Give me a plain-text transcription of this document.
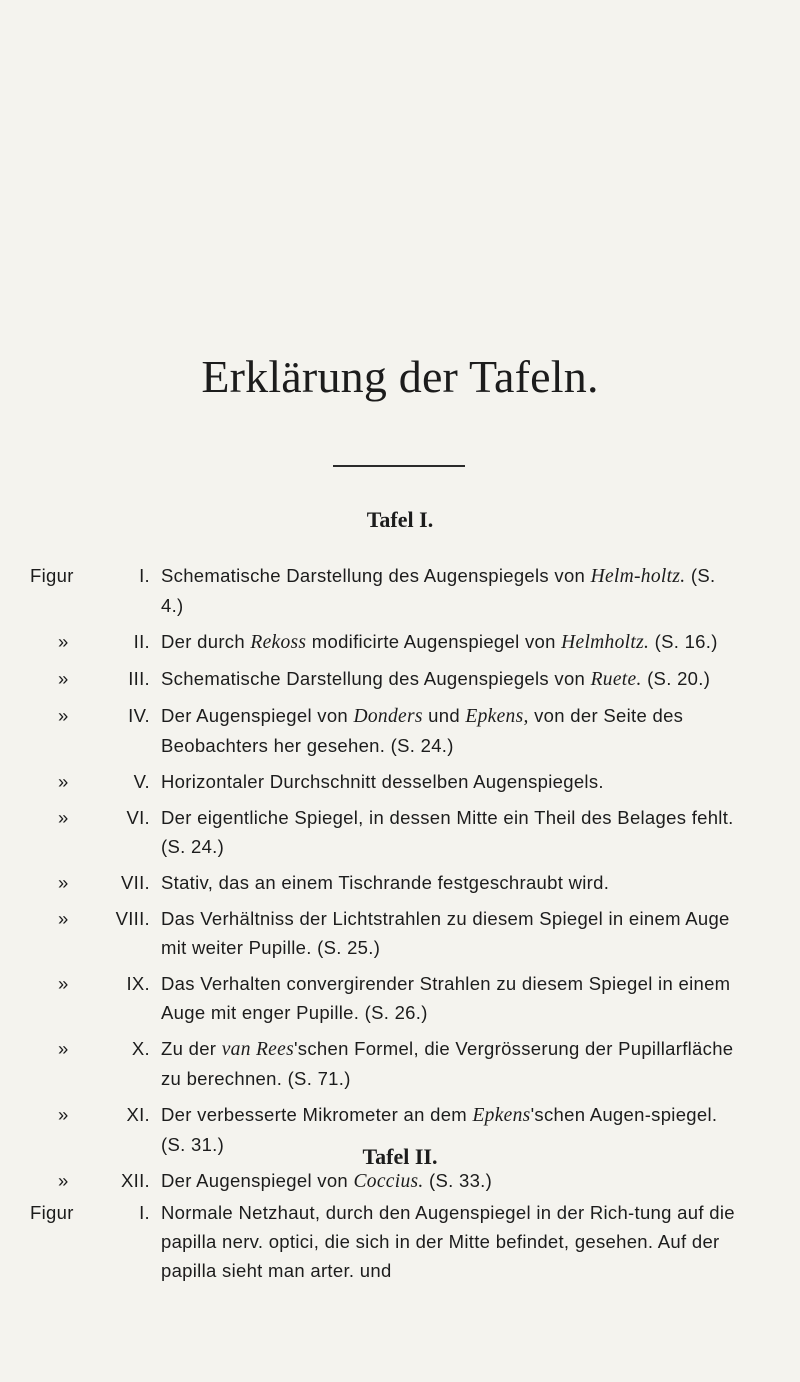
Erklärung der Tafeln.
Tafel I.
Figur	I. Schematische Darstellung des Augenspiegels von Helm-holtz. (S. 4.)
»	II. Der durch Rekoss modificirte Augenspiegel von Helmholtz. (S. 16.)
»	III. Schematische Darstellung des Augenspiegels von Ruete. (S. 20.)
»	IV. Der Augenspiegel von Donders und Epkens, von der Seite des Beobachters her gesehen. (S. 24.)
»	V. Horizontaler Durchschnitt desselben Augenspiegels.
»	VI. Der eigentliche Spiegel, in dessen Mitte ein Theil des Belages fehlt. (S. 24.)
»	VII. Stativ, das an einem Tischrande festgeschraubt wird.
»	VIII. Das Verhältniss der Lichtstrahlen zu diesem Spiegel in einem Auge mit weiter Pupille. (S. 25.)
»	IX. Das Verhalten convergirender Strahlen zu diesem Spiegel in einem Auge mit enger Pupille. (S. 26.)
»	X. Zu der van Rees'schen Formel, die Vergrösserung der Pupillarfläche zu berechnen. (S. 71.)
»	XI. Der verbesserte Mikrometer an dem Epkens'schen Augen-spiegel. (S. 31.)
»	XII. Der Augenspiegel von Coccius. (S. 33.)
Tafel II.
Figur	I. Normale Netzhaut, durch den Augenspiegel in der Rich-tung auf die papilla nerv. optici, die sich in der Mitte befindet, gesehen. Auf der papilla sieht man arter. und
